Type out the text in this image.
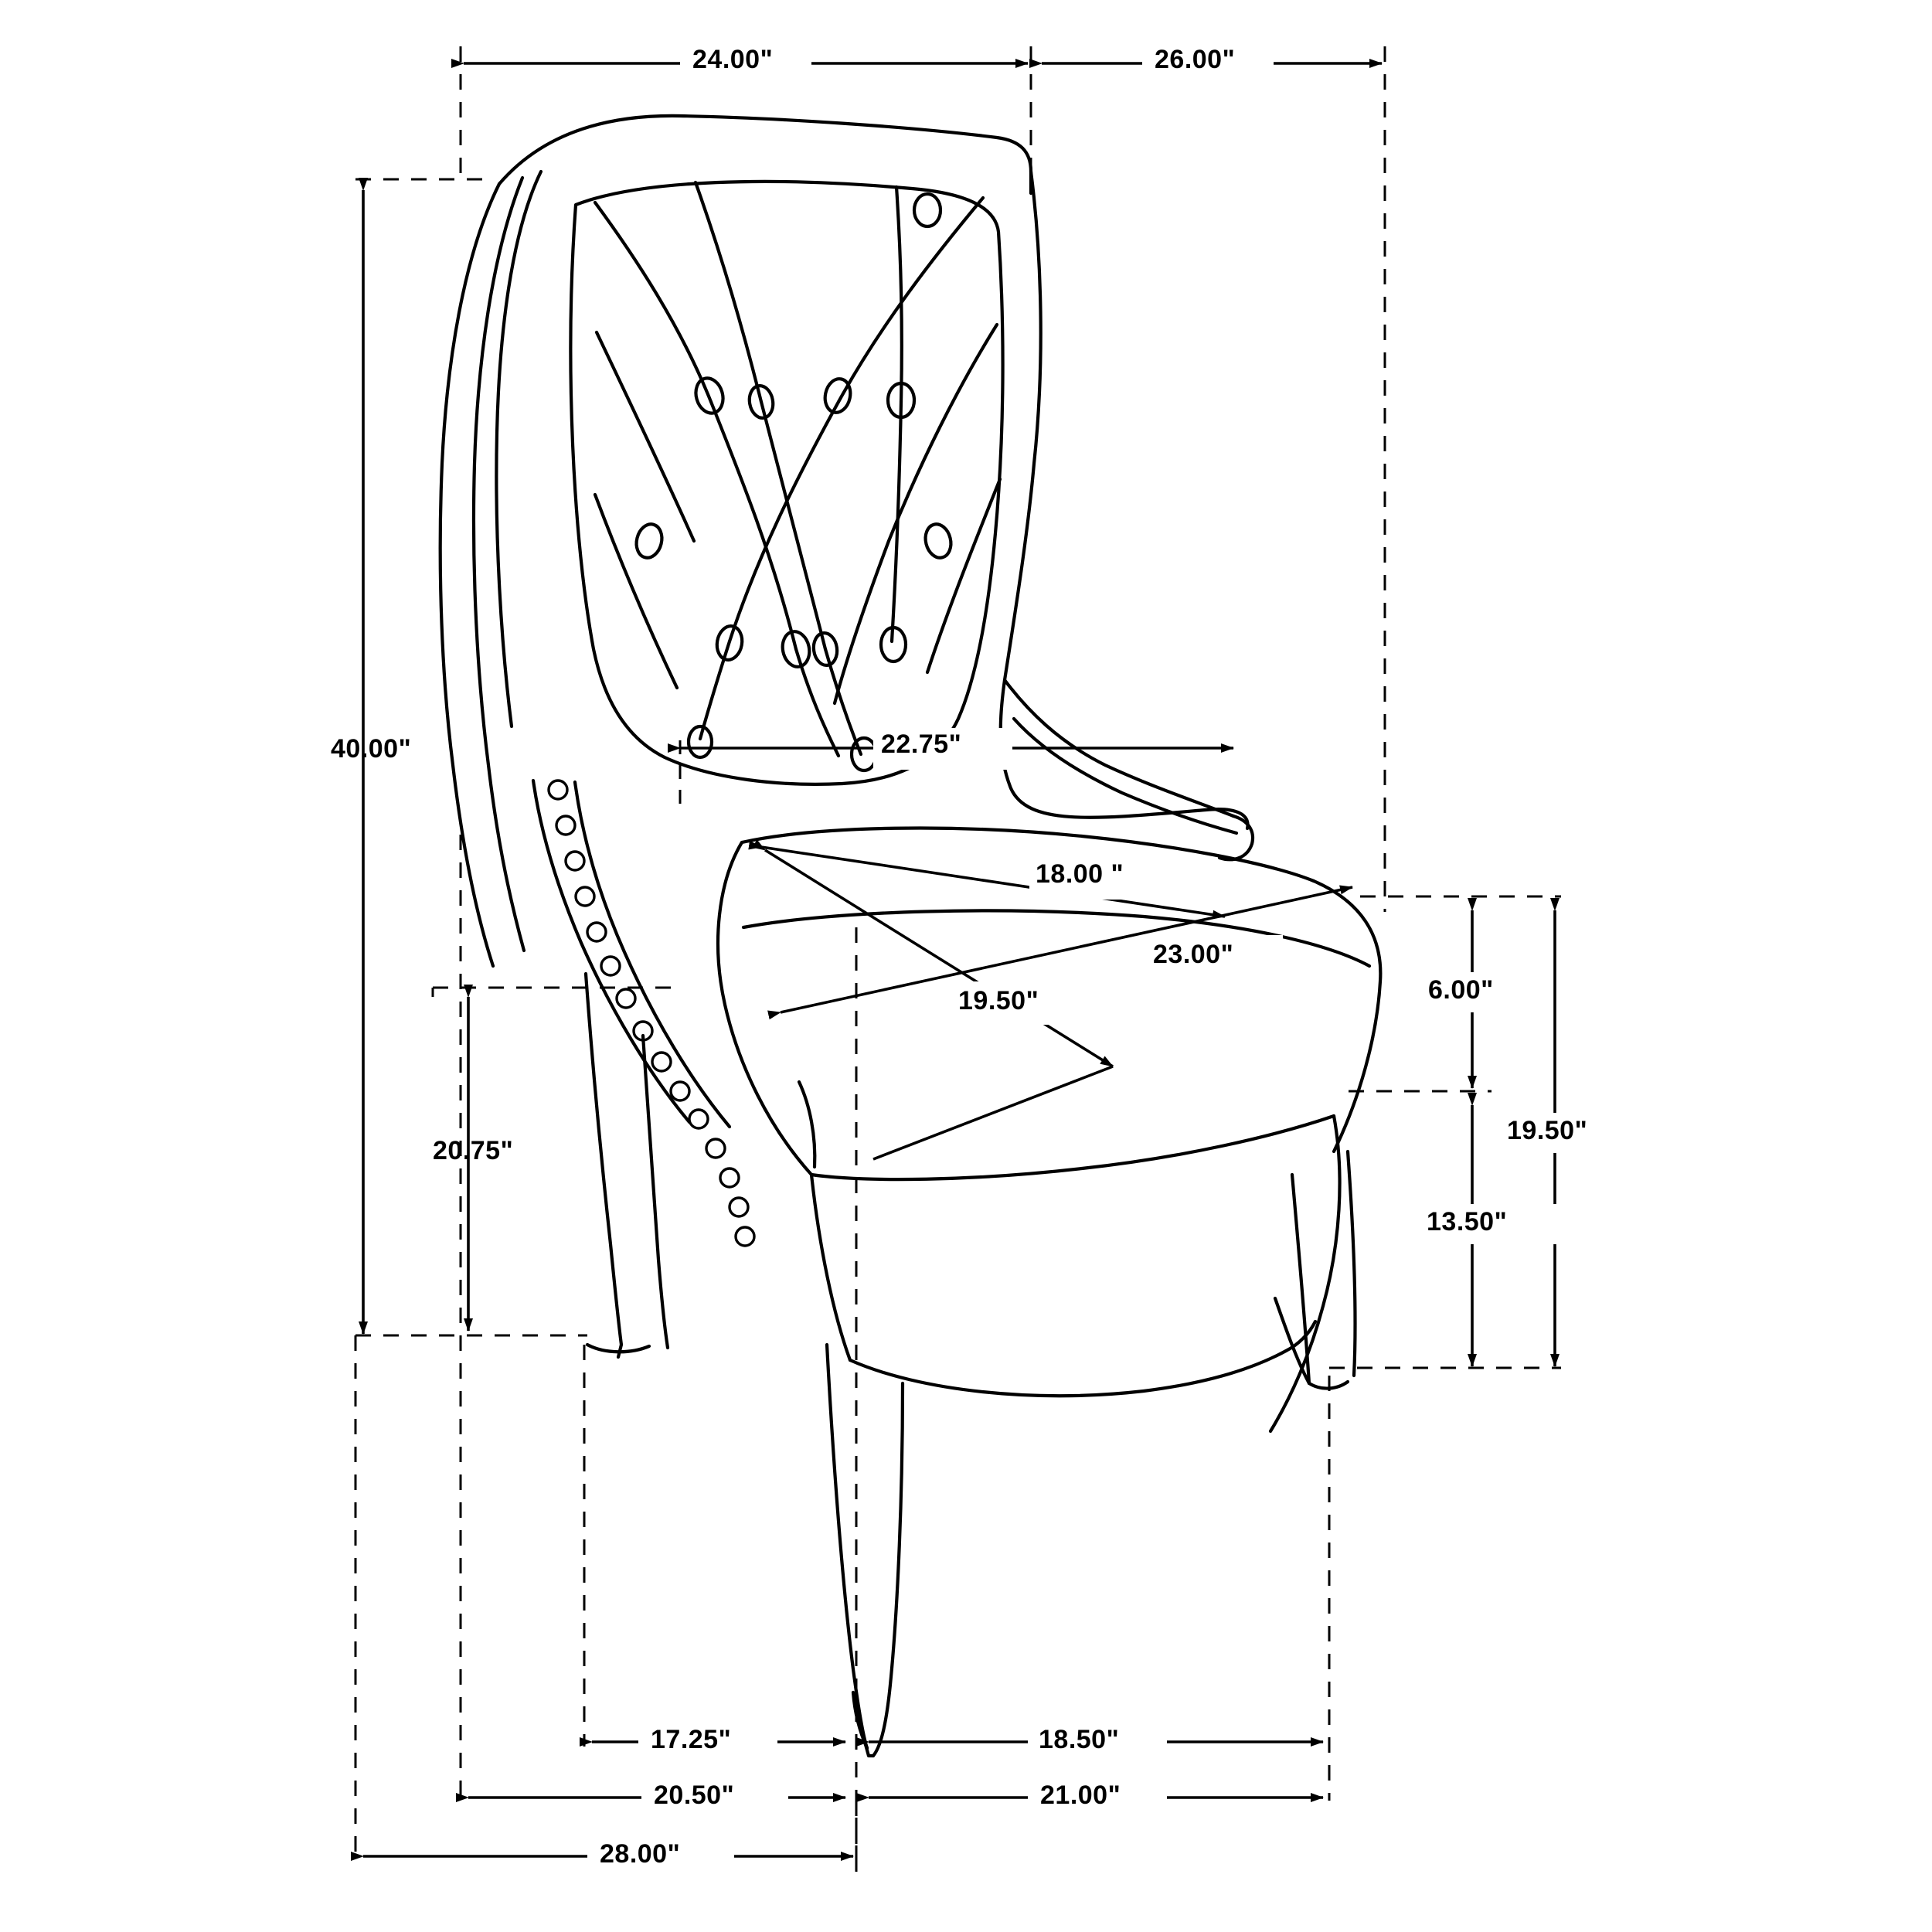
24.00"	26.00"
40.00"
20.75"
22.75"
18.00 "
23.00"
19.50"	6.00"
19.50"
13.50"
17.25"	18.50"
20.50"	21.00"
28.00"
